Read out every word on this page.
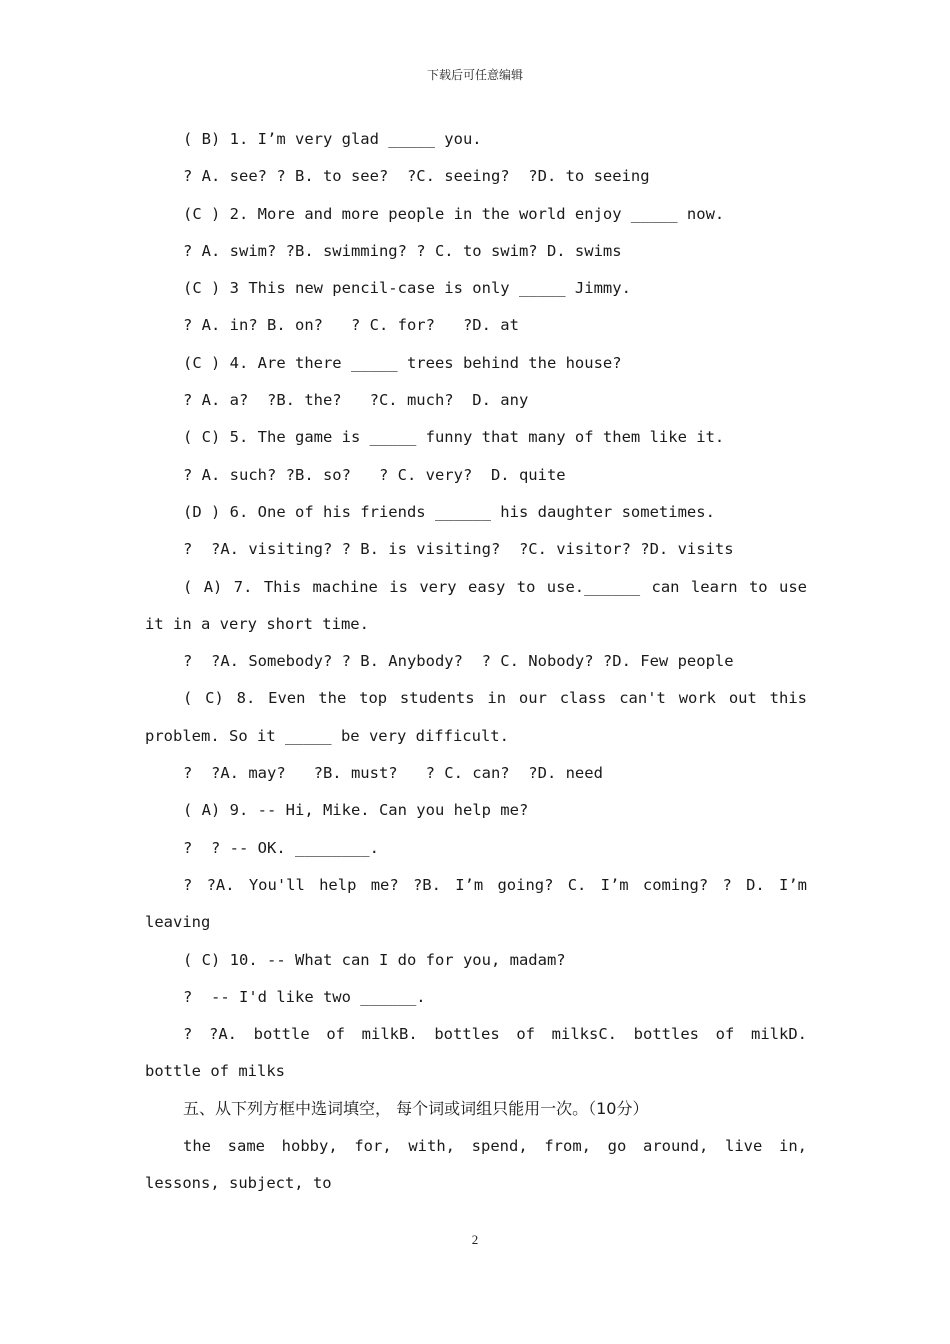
下载后可任意编辑
( B) 1. I’m very glad _____ you.
? A. see? ? B. to see?  ?C. seeing?  ?D. to seeing
(C ) 2. More and more people in the world enjoy _____ now.
? A. swim? ?B. swimming? ? C. to swim? D. swims
(C ) 3 This new pencil-case is only _____ Jimmy.
? A. in? B. on?   ? C. for?   ?D. at
(C ) 4. Are there _____ trees behind the house?
? A. a?  ?B. the?   ?C. much?  D. any
( C) 5. The game is _____ funny that many of them like it.
? A. such? ?B. so?   ? C. very?  D. quite
(D ) 6. One of his friends ______ his daughter sometimes.
?  ?A. visiting? ? B. is visiting?  ?C. visitor? ?D. visits
( A) 7. This machine is very easy to use.______ can learn to use
it in a very short time.
?  ?A. Somebody? ? B. Anybody?  ? C. Nobody? ?D. Few people
( C) 8. Even the top students in our class can't work out this
problem. So it _____ be very difficult.
?  ?A. may?   ?B. must?   ? C. can?  ?D. need
( A) 9. -- Hi, Mike. Can you help me?
?  ? -- OK. ________.
? ?A. You'll help me? ?B. I’m going? C. I’m coming? ? D. I’m
leaving
( C) 10. -- What can I do for you, madam?
?  -- I'd like two ______.
? ?A. bottle of milkB. bottles of milksC. bottles of milkD.
bottle of milks
五、从下列方框中选词填空， 每个词或词组只能用一次。（10分）
the same hobby, for, with, spend, from, go around, live in,
lessons, subject, to
2
